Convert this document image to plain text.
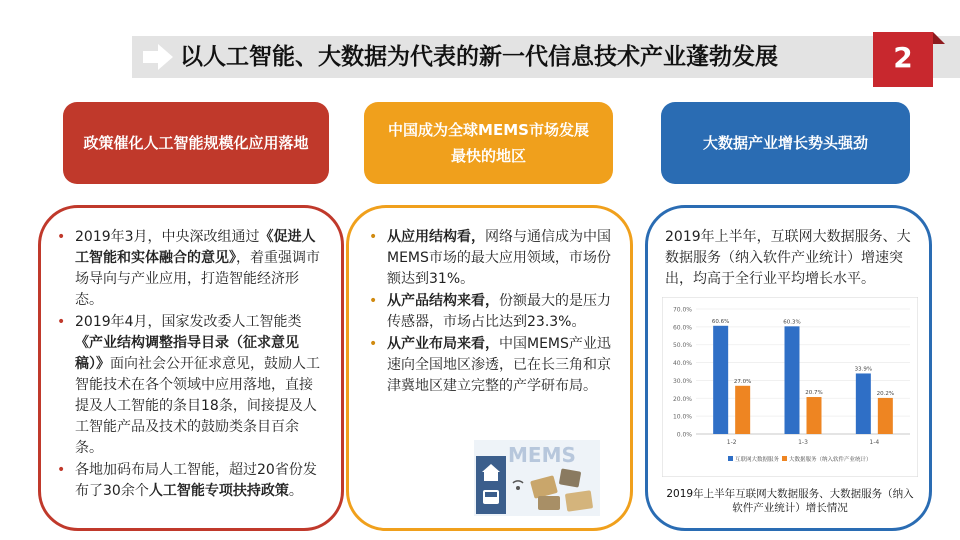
以人工智能、大数据为代表的新一代信息技术产业蓬勃发展	2
政策催化人工智能规模化应用落地
中国成为全球MEMS市场发展
最快的地区
大数据产业增长势头强劲
• 2019年3月，中央深改组通过《促进人工智能和实体融合的意见》，着重强调市场导向与产业应用，打造智能经济形态。
• 2019年4月，国家发改委人工智能类《产业结构调整指导目录（征求意见稿）》面向社会公开征求意见，鼓励人工智能技术在各个领域中应用落地，直接提及人工智能的条目18条，间接提及人工智能产品及技术的鼓励类条目百余条。
• 各地加码布局人工智能，超过20省份发布了30余个人工智能专项扶持政策。
• 从应用结构看，网络与通信成为中国MEMS市场的最大应用领域，市场份额达到31%。
• 从产品结构来看，份额最大的是压力传感器，市场占比达到23.3%。
• 从产业布局来看，中国MEMS产业迅速向全国地区渗透，已在长三角和京津冀地区建立完整的产学研布局。
MEMS
2019年上半年，互联网大数据服务、大数据服务（纳入软件产业统计）增速突出，均高于全行业平均增长水平。
0.0%
10.0%
20.0%
30.0%
40.0%
50.0%
60.0%
70.0%
60.6%
27.0%
1-2
60.3%
20.7%
1-3
33.9%
20.2%
1-4
互联网大数据服务 大数据服务（纳入软件产业统计）
2019年上半年互联网大数据服务、大数据服务（纳入软件产业统计）增长情况
